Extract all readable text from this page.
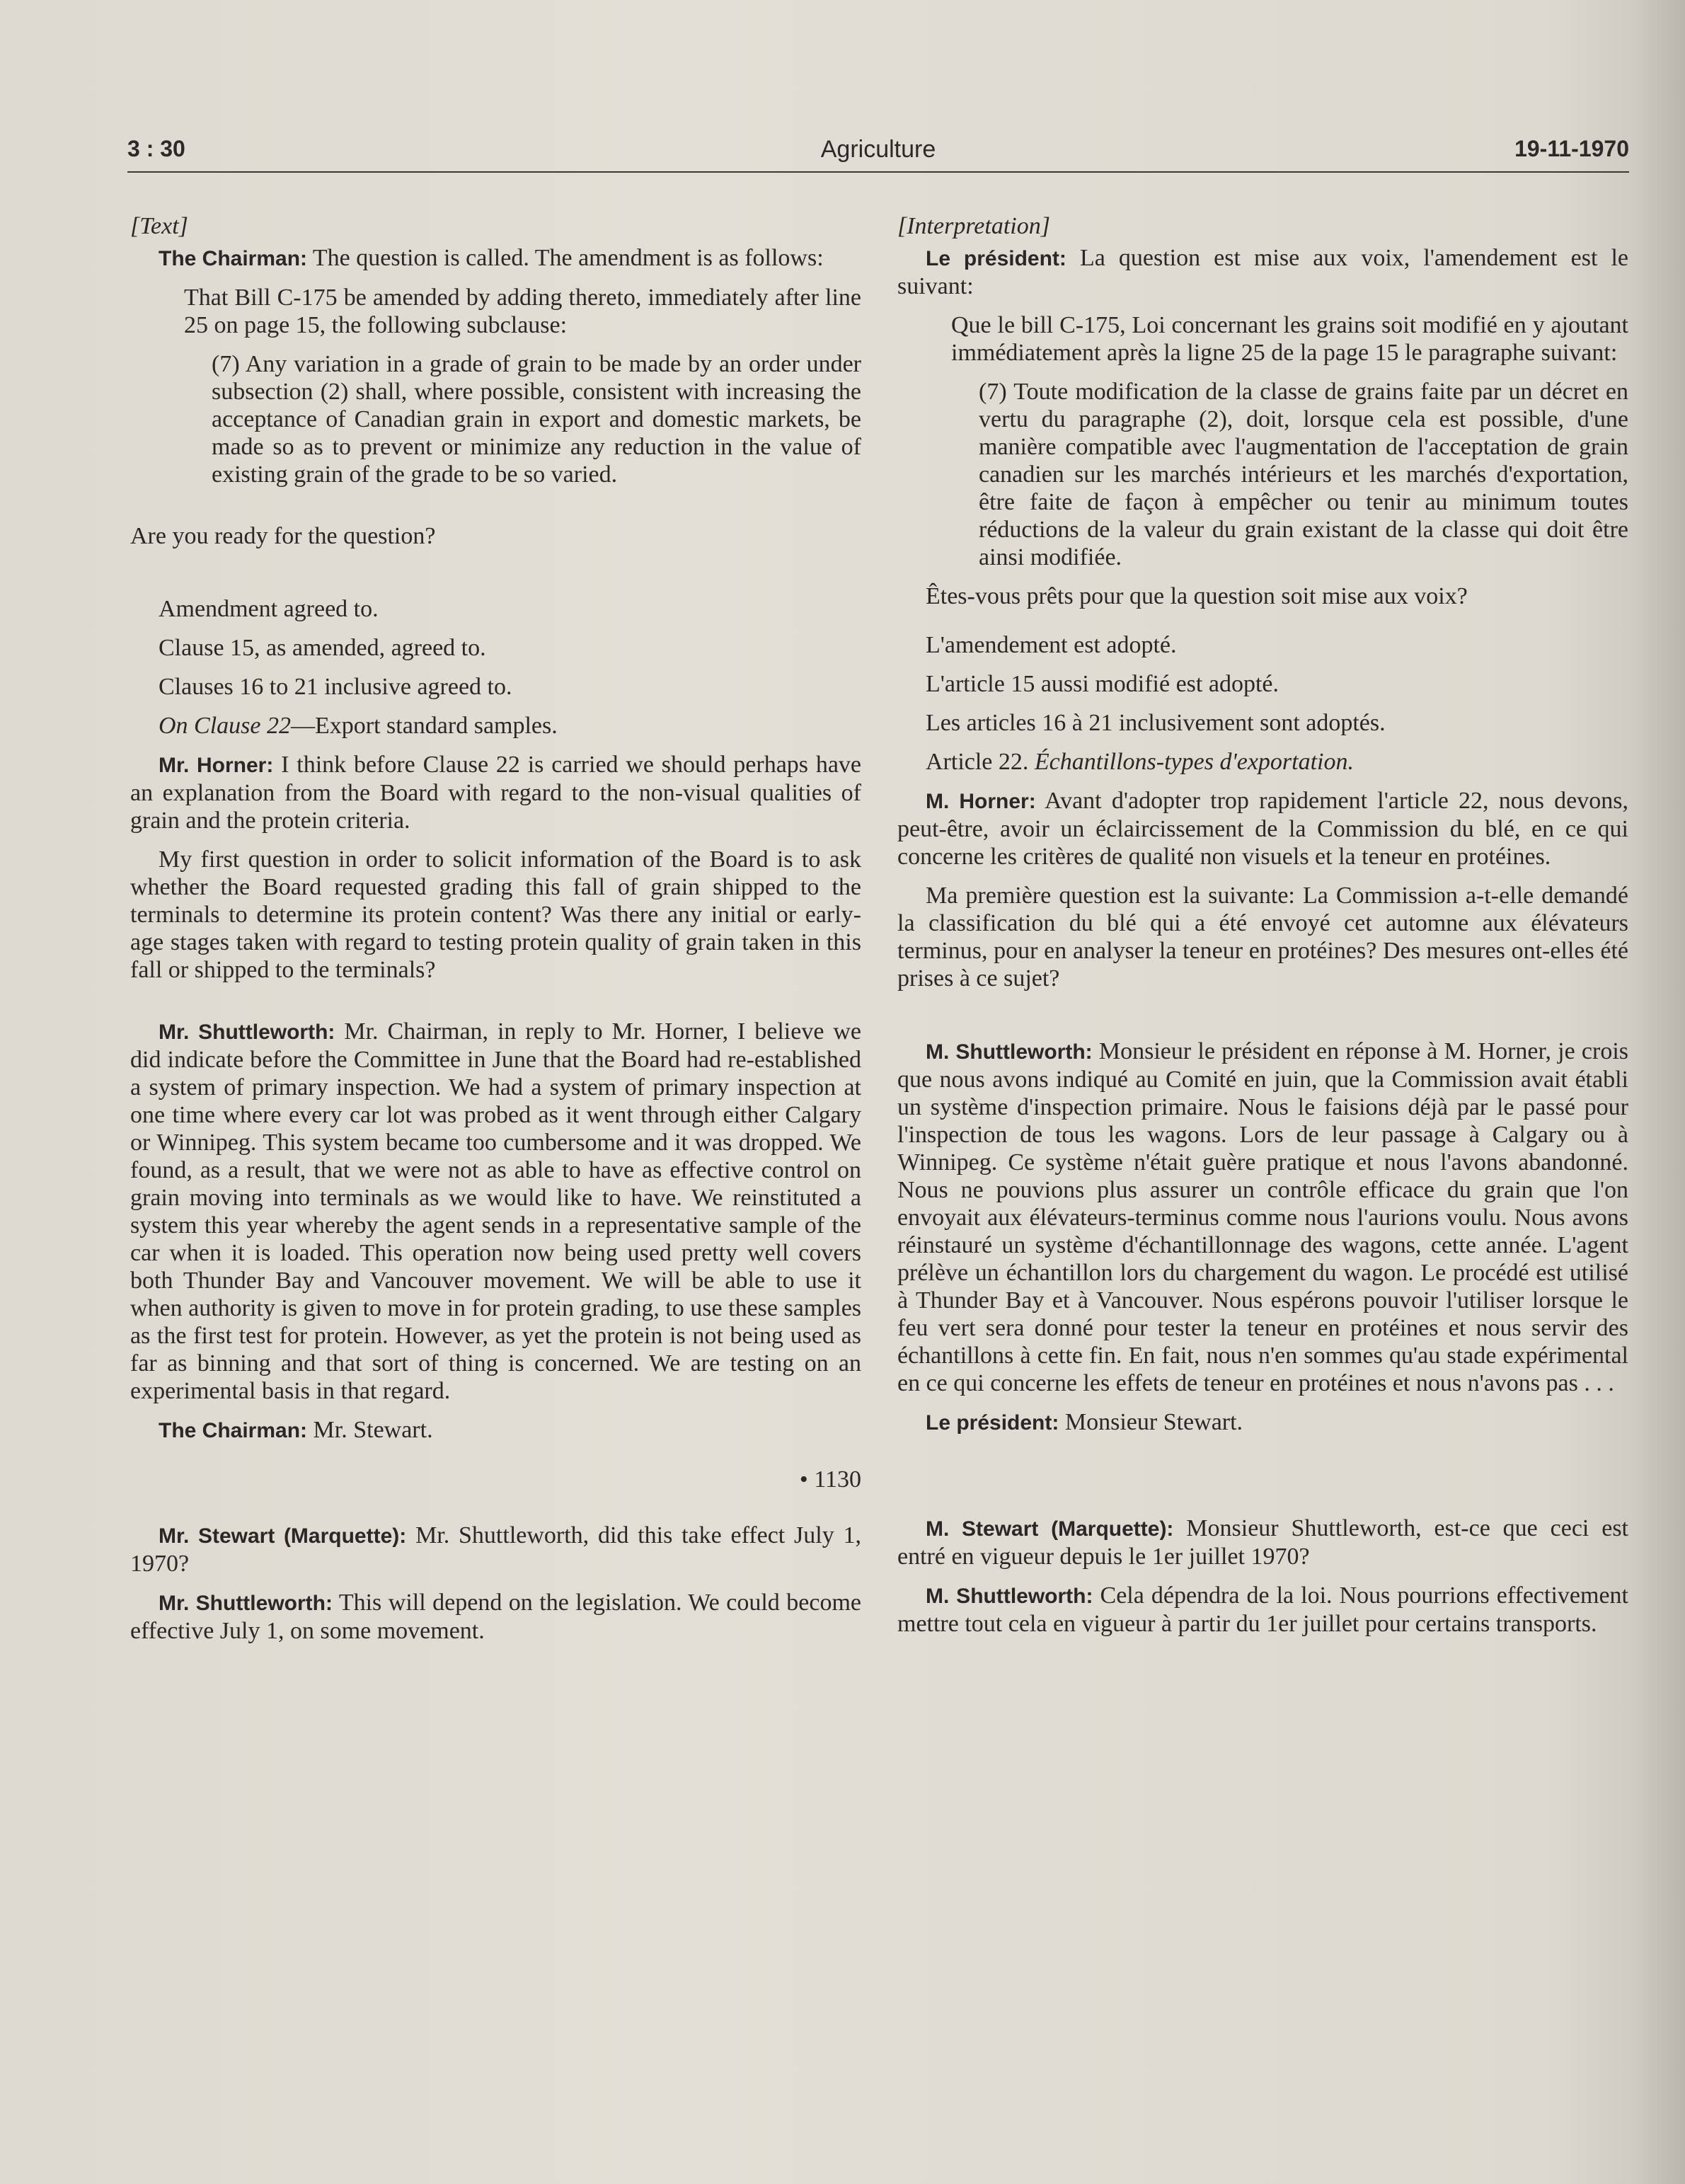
3 : 30	Agriculture	19-11-1970

[Text]

The Chairman: The question is called. The amendment is as follows:

That Bill C-175 be amended by adding thereto, immediately after line 25 on page 15, the following subclause:

(7) Any variation in a grade of grain to be made by an order under subsection (2) shall, where possible, consistent with increasing the acceptance of Canadian grain in export and domestic markets, be made so as to prevent or minimize any reduction in the value of existing grain of the grade to be so varied.

Are you ready for the question?

Amendment agreed to.

Clause 15, as amended, agreed to.

Clauses 16 to 21 inclusive agreed to.

On Clause 22—Export standard samples.

Mr. Horner: I think before Clause 22 is carried we should perhaps have an explanation from the Board with regard to the non-visual qualities of grain and the protein criteria.

My first question in order to solicit information of the Board is to ask whether the Board requested grading this fall of grain shipped to the terminals to determine its protein content? Was there any initial or early-age stages taken with regard to testing protein quality of grain taken in this fall or shipped to the terminals?

Mr. Shuttleworth: Mr. Chairman, in reply to Mr. Horner, I believe we did indicate before the Committee in June that the Board had re-established a system of primary inspection. We had a system of primary inspection at one time where every car lot was probed as it went through either Calgary or Winnipeg. This system became too cumbersome and it was dropped. We found, as a result, that we were not as able to have as effective control on grain moving into terminals as we would like to have. We reinstituted a system this year whereby the agent sends in a representative sample of the car when it is loaded. This operation now being used pretty well covers both Thunder Bay and Vancouver movement. We will be able to use it when authority is given to move in for protein grading, to use these samples as the first test for protein. However, as yet the protein is not being used as far as binning and that sort of thing is concerned. We are testing on an experimental basis in that regard.

The Chairman: Mr. Stewart.

• 1130

Mr. Stewart (Marquette): Mr. Shuttleworth, did this take effect July 1, 1970?

Mr. Shuttleworth: This will depend on the legislation. We could become effective July 1, on some movement.

[Interpretation]

Le président: La question est mise aux voix, l'amendement est le suivant:

Que le bill C-175, Loi concernant les grains soit modifié en y ajoutant immédiatement après la ligne 25 de la page 15 le paragraphe suivant:

(7) Toute modification de la classe de grains faite par un décret en vertu du paragraphe (2), doit, lorsque cela est possible, d'une manière compatible avec l'augmentation de l'acceptation de grain canadien sur les marchés intérieurs et les marchés d'exportation, être faite de façon à empêcher ou tenir au minimum toutes réductions de la valeur du grain existant de la classe qui doit être ainsi modifiée.

Êtes-vous prêts pour que la question soit mise aux voix?

L'amendement est adopté.

L'article 15 aussi modifié est adopté.

Les articles 16 à 21 inclusivement sont adoptés.

Article 22. Échantillons-types d'exportation.

M. Horner: Avant d'adopter trop rapidement l'article 22, nous devons, peut-être, avoir un éclaircissement de la Commission du blé, en ce qui concerne les critères de qualité non visuels et la teneur en protéines.

Ma première question est la suivante: La Commission a-t-elle demandé la classification du blé qui a été envoyé cet automne aux élévateurs terminus, pour en analyser la teneur en protéines? Des mesures ont-elles été prises à ce sujet?

M. Shuttleworth: Monsieur le président en réponse à M. Horner, je crois que nous avons indiqué au Comité en juin, que la Commission avait établi un système d'inspection primaire. Nous le faisions déjà par le passé pour l'inspection de tous les wagons. Lors de leur passage à Calgary ou à Winnipeg. Ce système n'était guère pratique et nous l'avons abandonné. Nous ne pouvions plus assurer un contrôle efficace du grain que l'on envoyait aux élévateurs-terminus comme nous l'aurions voulu. Nous avons réinstauré un système d'échantillonnage des wagons, cette année. L'agent prélève un échantillon lors du chargement du wagon. Le procédé est utilisé à Thunder Bay et à Vancouver. Nous espérons pouvoir l'utiliser lorsque le feu vert sera donné pour tester la teneur en protéines et nous servir des échantillons à cette fin. En fait, nous n'en sommes qu'au stade expérimental en ce qui concerne les effets de teneur en protéines et nous n'avons pas . . .

Le président: Monsieur Stewart.

M. Stewart (Marquette): Monsieur Shuttleworth, est-ce que ceci est entré en vigueur depuis le 1er juillet 1970?

M. Shuttleworth: Cela dépendra de la loi. Nous pourrions effectivement mettre tout cela en vigueur à partir du 1er juillet pour certains transports.
